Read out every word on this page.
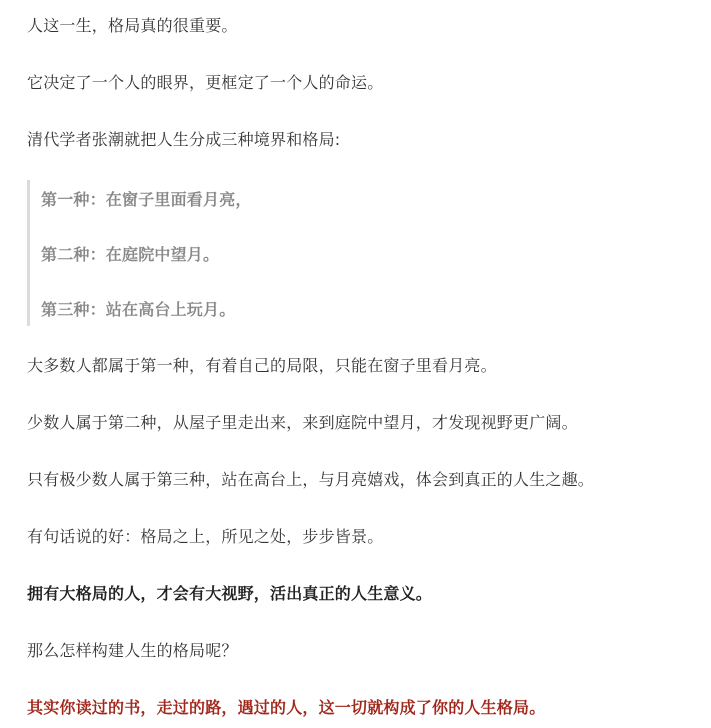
人这一生，格局真的很重要。

它决定了一个人的眼界，更框定了一个人的命运。

清代学者张潮就把人生分成三种境界和格局:

第一种：在窗子里面看月亮，

第二种：在庭院中望月。

第三种：站在高台上玩月。

大多数人都属于第一种，有着自己的局限，只能在窗子里看月亮。

少数人属于第二种，从屋子里走出来，来到庭院中望月，才发现视野更广阔。

只有极少数人属于第三种，站在高台上，与月亮嬉戏，体会到真正的人生之趣。

有句话说的好：格局之上，所见之处，步步皆景。

拥有大格局的人，才会有大视野，活出真正的人生意义。

那么怎样构建人生的格局呢？

其实你读过的书，走过的路，遇过的人，这一切就构成了你的人生格局。
